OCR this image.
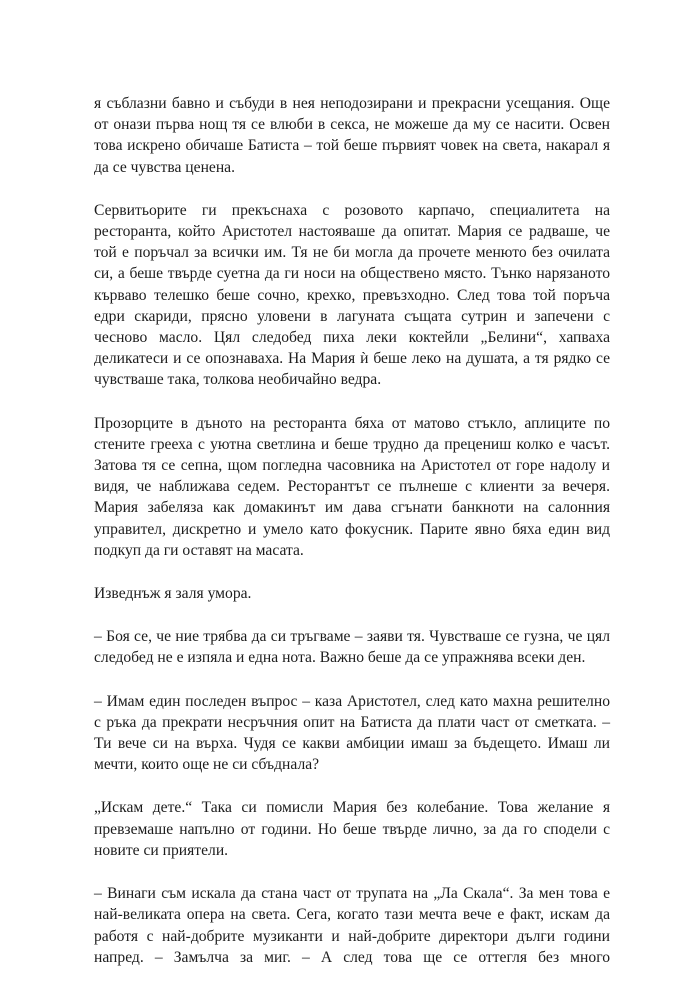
я съблазни бавно и събуди в нея неподозирани и прекрасни усещания. Още от онази първа нощ тя се влюби в секса, не можеше да му се насити. Освен това искрено обичаше Батиста – той беше първият човек на света, накарал я да се чувства ценена.

Сервитьорите ги прекъснаха с розовото карпачо, специалитета на ресторанта, който Аристотел настояваше да опитат. Мария се радваше, че той е поръчал за всички им. Тя не би могла да прочете менюто без очилата си, а беше твърде суетна да ги носи на обществено място. Тънко нарязаното кърваво телешко беше сочно, крехко, превъзходно. След това той поръча едри скариди, прясно уловени в лагуната същата сутрин и запечени с чесново масло. Цял следобед пиха леки коктейли „Белини“, хапваха деликатеси и се опознаваха. На Мария ѝ беше леко на душата, а тя рядко се чувстваше така, толкова необичайно ведра.

Прозорците в дъното на ресторанта бяха от матово стъкло, аплиците по стените грееха с уютна светлина и беше трудно да прецениш колко е часът. Затова тя се сепна, щом погледна часовника на Аристотел от горе надолу и видя, че наближава седем. Ресторантът се пълнеше с клиенти за вечеря. Мария забеляза как домакинът им дава сгънати банкноти на салонния управител, дискретно и умело като фокусник. Парите явно бяха един вид подкуп да ги оставят на масата.

Изведнъж я заля умора.

– Боя се, че ние трябва да си тръгваме – заяви тя. Чувстваше се гузна, че цял следобед не е изпяла и една нота. Важно беше да се упражнява всеки ден.

– Имам един последен въпрос – каза Аристотел, след като махна решително с ръка да прекрати несръчния опит на Батиста да плати част от сметката. – Ти вече си на върха. Чудя се какви амбиции имаш за бъдещето. Имаш ли мечти, които още не си сбъднала?

„Искам дете.“ Така си помисли Мария без колебание. Това желание я превземаше напълно от години. Но беше твърде лично, за да го сподели с новите си приятели.

– Винаги съм искала да стана част от трупата на „Ла Скала“. За мен това е най-великата опера на света. Сега, когато тази мечта вече е факт, искам да работя с най-добрите музиканти и най-добрите директори дълги години напред. – Замълча за миг. – А след това ще се оттегля без много
